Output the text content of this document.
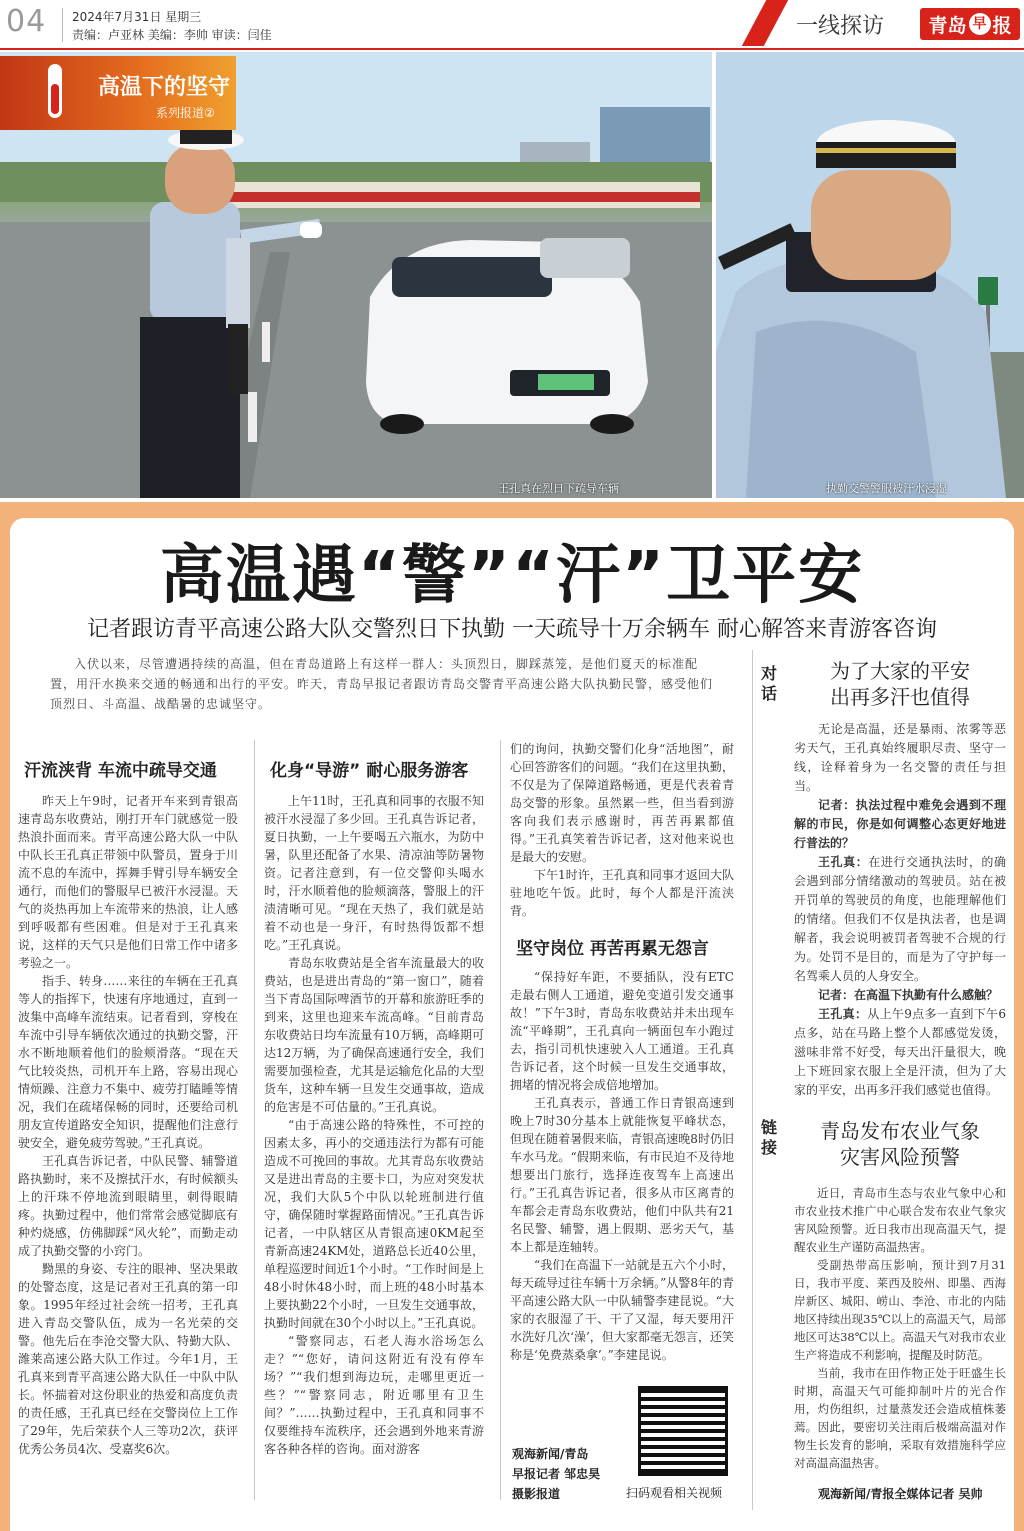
04 2024年7月31日 星期三
责编：卢亚林 美编：李帅 审读：闫佳	一线探访 青岛 早 报
高温下的坚守
系列报道②
王孔真在烈日下疏导车辆	执勤交警警服被汗水浸湿
高温遇“警”“汗”卫平安
记者跟访青平高速公路大队交警烈日下执勤 一天疏导十万余辆车 耐心解答来青游客咨询
入伏以来，尽管遭遇持续的高温，但在青岛道路上有这样一群人：头顶烈日，脚踩蒸笼，是他们夏天的标准配置，用汗水换来交通的畅通和出行的平安。昨天，青岛早报记者跟访青岛交警青平高速公路大队执勤民警，感受他们顶烈日、斗高温、战酷暑的忠诚坚守。
汗流浃背 车流中疏导交通	化身“导游” 耐心服务游客

昨天上午9时，记者开车来到青银高速青岛东收费站，刚打开车门就感觉一股热浪扑面而来。青平高速公路大队一中队中队长王孔真正带领中队警员，置身于川流不息的车流中，挥舞手臂引导车辆安全通行，而他们的警服早已被汗水浸湿。天气的炎热再加上车流带来的热浪，让人感到呼吸都有些困难。但是对于王孔真来说，这样的天气只是他们日常工作中诸多考验之一。

指手、转身……来往的车辆在王孔真等人的指挥下，快速有序地通过，直到一波集中高峰车流结束。记者看到，穿梭在车流中引导车辆依次通过的执勤交警，汗水不断地顺着他们的脸颊滑落。“现在天气比较炎热，司机开车上路，容易出现心情烦躁、注意力不集中、疲劳打瞌睡等情况，我们在疏堵保畅的同时，还要给司机朋友宣传道路安全知识，提醒他们注意行驶安全，避免疲劳驾驶。”王孔真说。

王孔真告诉记者，中队民警、辅警道路执勤时，来不及擦拭汗水，有时候额头上的汗珠不停地流到眼睛里，刺得眼睛疼。执勤过程中，他们常常会感觉脚底有种灼烧感，仿佛脚踩“风火轮”，而勤走动成了执勤交警的小窍门。

黝黑的身姿、专注的眼神、坚决果敢的处警态度，这是记者对王孔真的第一印象。1995年经过社会统一招考，王孔真进入青岛交警队伍，成为一名光荣的交警。他先后在李沧交警大队、特勤大队、潍莱高速公路大队工作过。今年1月，王孔真来到青平高速公路大队任一中队中队长。怀揣着对这份职业的热爱和高度负责的责任感，王孔真已经在交警岗位上工作了29年，先后荣获个人三等功2次，获评优秀公务员4次、受嘉奖6次。

上午11时，王孔真和同事的衣服不知被汗水浸湿了多少回。王孔真告诉记者，夏日执勤，一上午要喝五六瓶水，为防中暑，队里还配备了水果、清凉油等防暑物资。记者注意到，有一位交警仰头喝水时，汗水顺着他的脸颊滴落，警服上的汗渍清晰可见。“现在天热了，我们就是站着不动也是一身汗，有时热得饭都不想吃。”王孔真说。

青岛东收费站是全省车流量最大的收费站，也是进出青岛的“第一窗口”，随着当下青岛国际啤酒节的开幕和旅游旺季的到来，这里也迎来车流高峰。“目前青岛东收费站日均车流量有10万辆，高峰期可达12万辆，为了确保高速通行安全，我们需要加强检查，尤其是运输危化品的大型货车，这种车辆一旦发生交通事故，造成的危害是不可估量的。”王孔真说。

“由于高速公路的特殊性，不可控的因素太多，再小的交通违法行为都有可能造成不可挽回的事故。尤其青岛东收费站又是进出青岛的主要卡口，为应对突发状况，我们大队5个中队以轮班制进行值守，确保随时掌握路面情况。”王孔真告诉记者，一中队辖区从青银高速0KM起至青新高速24KM处，道路总长近40公里，单程巡逻时间近1个小时。“工作时间是上48小时休48小时，而上班的48小时基本上要执勤22个小时，一旦发生交通事故，执勤时间就在30个小时以上。”王孔真说。

“警察同志，石老人海水浴场怎么走？”“您好，请问这附近有没有停车场？”“我们想到海边玩，走哪里更近一些？”“警察同志，附近哪里有卫生间？”……执勤过程中，王孔真和同事不仅要维持车流秩序，还会遇到外地来青游客各种各样的咨询。面对游客

们的询问，执勤交警们化身“活地图”，耐心回答游客们的问题。“我们在这里执勤，不仅是为了保障道路畅通，更是代表着青岛交警的形象。虽然累一些，但当看到游客向我们表示感谢时，再苦再累都值得。”王孔真笑着告诉记者，这对他来说也是最大的安慰。

下午1时许，王孔真和同事才返回大队驻地吃午饭。此时，每个人都是汗流浃背。

坚守岗位 再苦再累无怨言

“保持好车距，不要插队，没有ETC走最右侧人工通道，避免变道引发交通事故！”下午3时，青岛东收费站并未出现车流“平峰期”，王孔真向一辆面包车小跑过去，指引司机快速驶入人工通道。王孔真告诉记者，这个时候一旦发生交通事故，拥堵的情况将会成倍地增加。

王孔真表示，普通工作日青银高速到晚上7时30分基本上就能恢复平峰状态，但现在随着暑假来临，青银高速晚8时仍旧车水马龙。“假期来临，有市民迫不及待地想要出门旅行，选择连夜驾车上高速出行。”王孔真告诉记者，很多从市区离青的车都会走青岛东收费站，他们中队共有21名民警、辅警，遇上假期、恶劣天气，基本上都是连轴转。

“我们在高温下一站就是五六个小时，每天疏导过往车辆十万余辆。”从警8年的青平高速公路大队一中队辅警李建昆说。“大家的衣服湿了干、干了又湿，每天要用汗水洗好几次‘澡’，但大家都毫无怨言，还笑称是‘免费蒸桑拿’。”李建昆说。

观海新闻/青岛
早报记者 邹忠昊
摄影报道	扫码观看相关视频
对话
为了大家的平安
出再多汗也值得

无论是高温，还是暴雨、浓雾等恶劣天气，王孔真始终履职尽责、坚守一线，诠释着身为一名交警的责任与担当。

记者：执法过程中难免会遇到不理解的市民，你是如何调整心态更好地进行普法的？

王孔真：在进行交通执法时，的确会遇到部分情绪激动的驾驶员。站在被开罚单的驾驶员的角度，也能理解他们的情绪。但我们不仅是执法者，也是调解者，我会说明被罚者驾驶不合规的行为。处罚不是目的，而是为了守护每一名驾乘人员的人身安全。

记者：在高温下执勤有什么感触？

王孔真：从上午9点多一直到下午6点多，站在马路上整个人都感觉发烫，滋味非常不好受，每天出汗量很大，晚上下班回家衣服上全是汗渍，但为了大家的平安，出再多汗我们感觉也值得。

链接
青岛发布农业气象
灾害风险预警

近日，青岛市生态与农业气象中心和市农业技术推广中心联合发布农业气象灾害风险预警。近日我市出现高温天气，提醒农业生产谨防高温热害。

受副热带高压影响，预计到7月31日，我市平度、莱西及胶州、即墨、西海岸新区、城阳、崂山、李沧、市北的内陆地区持续出现35℃以上的高温天气，局部地区可达38℃以上。高温天气对我市农业生产将造成不利影响，提醒及时防范。

当前，我市在田作物正处于旺盛生长时期，高温天气可能抑制叶片的光合作用，灼伤组织，过量蒸发还会造成植株萎蔫。因此，要密切关注雨后极端高温对作物生长发育的影响，采取有效措施科学应对高温高温热害。

观海新闻/青报全媒体记者 吴帅
